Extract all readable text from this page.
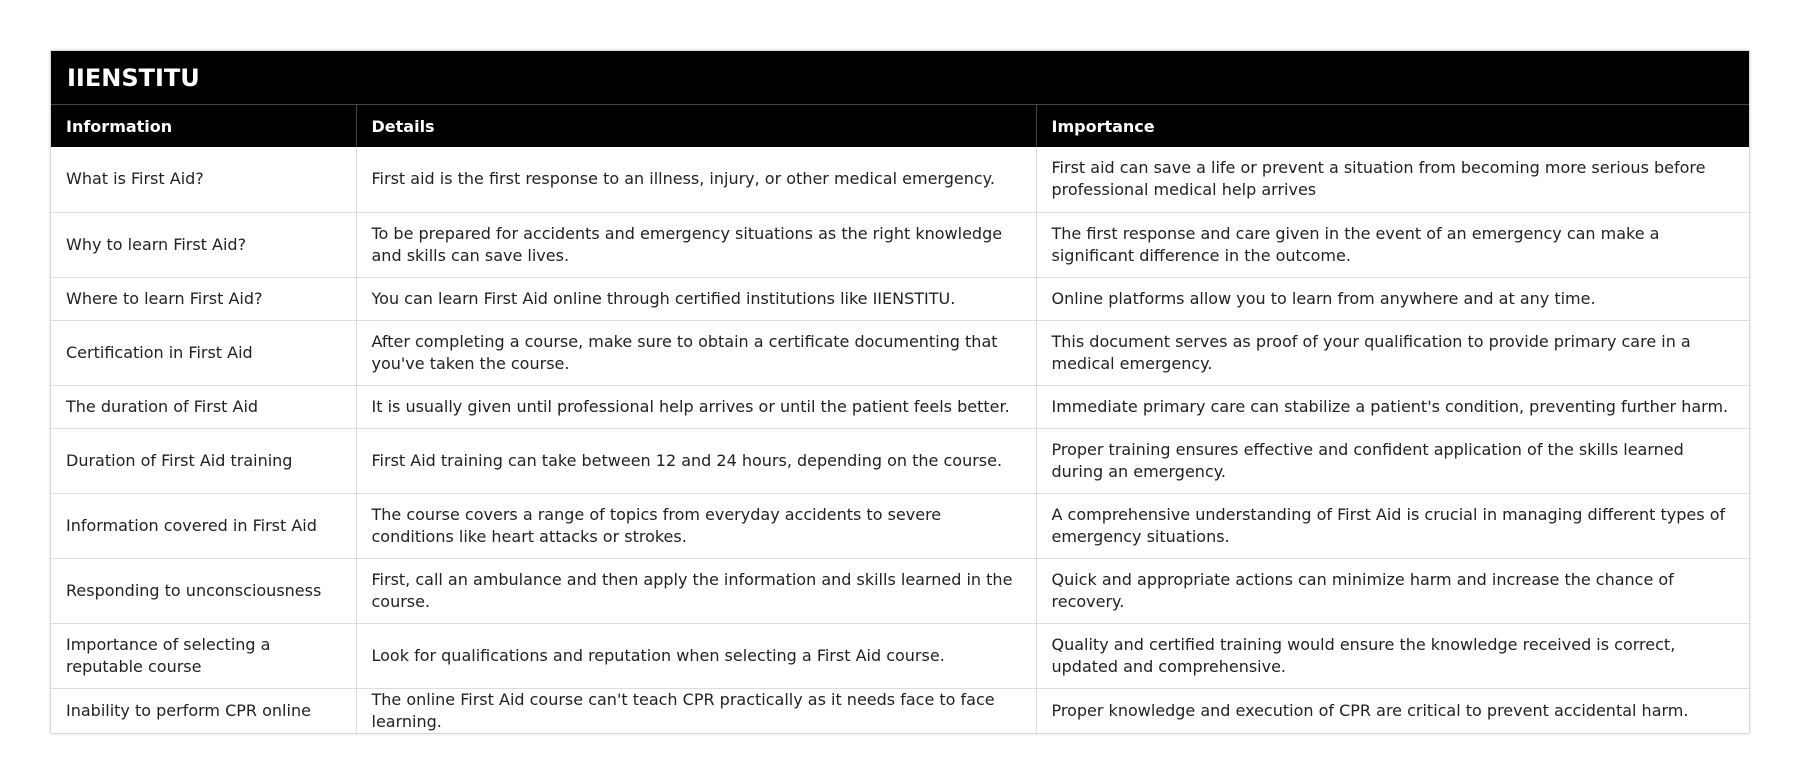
IIENSTITU
Information	Details	Importance
What is First Aid?	First aid is the first response to an illness, injury, or other medical emergency.	First aid can save a life or prevent a situation from becoming more serious before professional medical help arrives
Why to learn First Aid?	To be prepared for accidents and emergency situations as the right knowledge and skills can save lives.	The first response and care given in the event of an emergency can make a significant difference in the outcome.
Where to learn First Aid?	You can learn First Aid online through certified institutions like IIENSTITU.	Online platforms allow you to learn from anywhere and at any time.
Certification in First Aid	After completing a course, make sure to obtain a certificate documenting that you've taken the course.	This document serves as proof of your qualification to provide primary care in a medical emergency.
The duration of First Aid	It is usually given until professional help arrives or until the patient feels better.	Immediate primary care can stabilize a patient's condition, preventing further harm.
Duration of First Aid training	First Aid training can take between 12 and 24 hours, depending on the course.	Proper training ensures effective and confident application of the skills learned during an emergency.
Information covered in First Aid	The course covers a range of topics from everyday accidents to severe conditions like heart attacks or strokes.	A comprehensive understanding of First Aid is crucial in managing different types of emergency situations.
Responding to unconsciousness	First, call an ambulance and then apply the information and skills learned in the course.	Quick and appropriate actions can minimize harm and increase the chance of recovery.
Importance of selecting a reputable course	Look for qualifications and reputation when selecting a First Aid course.	Quality and certified training would ensure the knowledge received is correct, updated and comprehensive.
Inability to perform CPR online	The online First Aid course can't teach CPR practically as it needs face to face learning.	Proper knowledge and execution of CPR are critical to prevent accidental harm.
